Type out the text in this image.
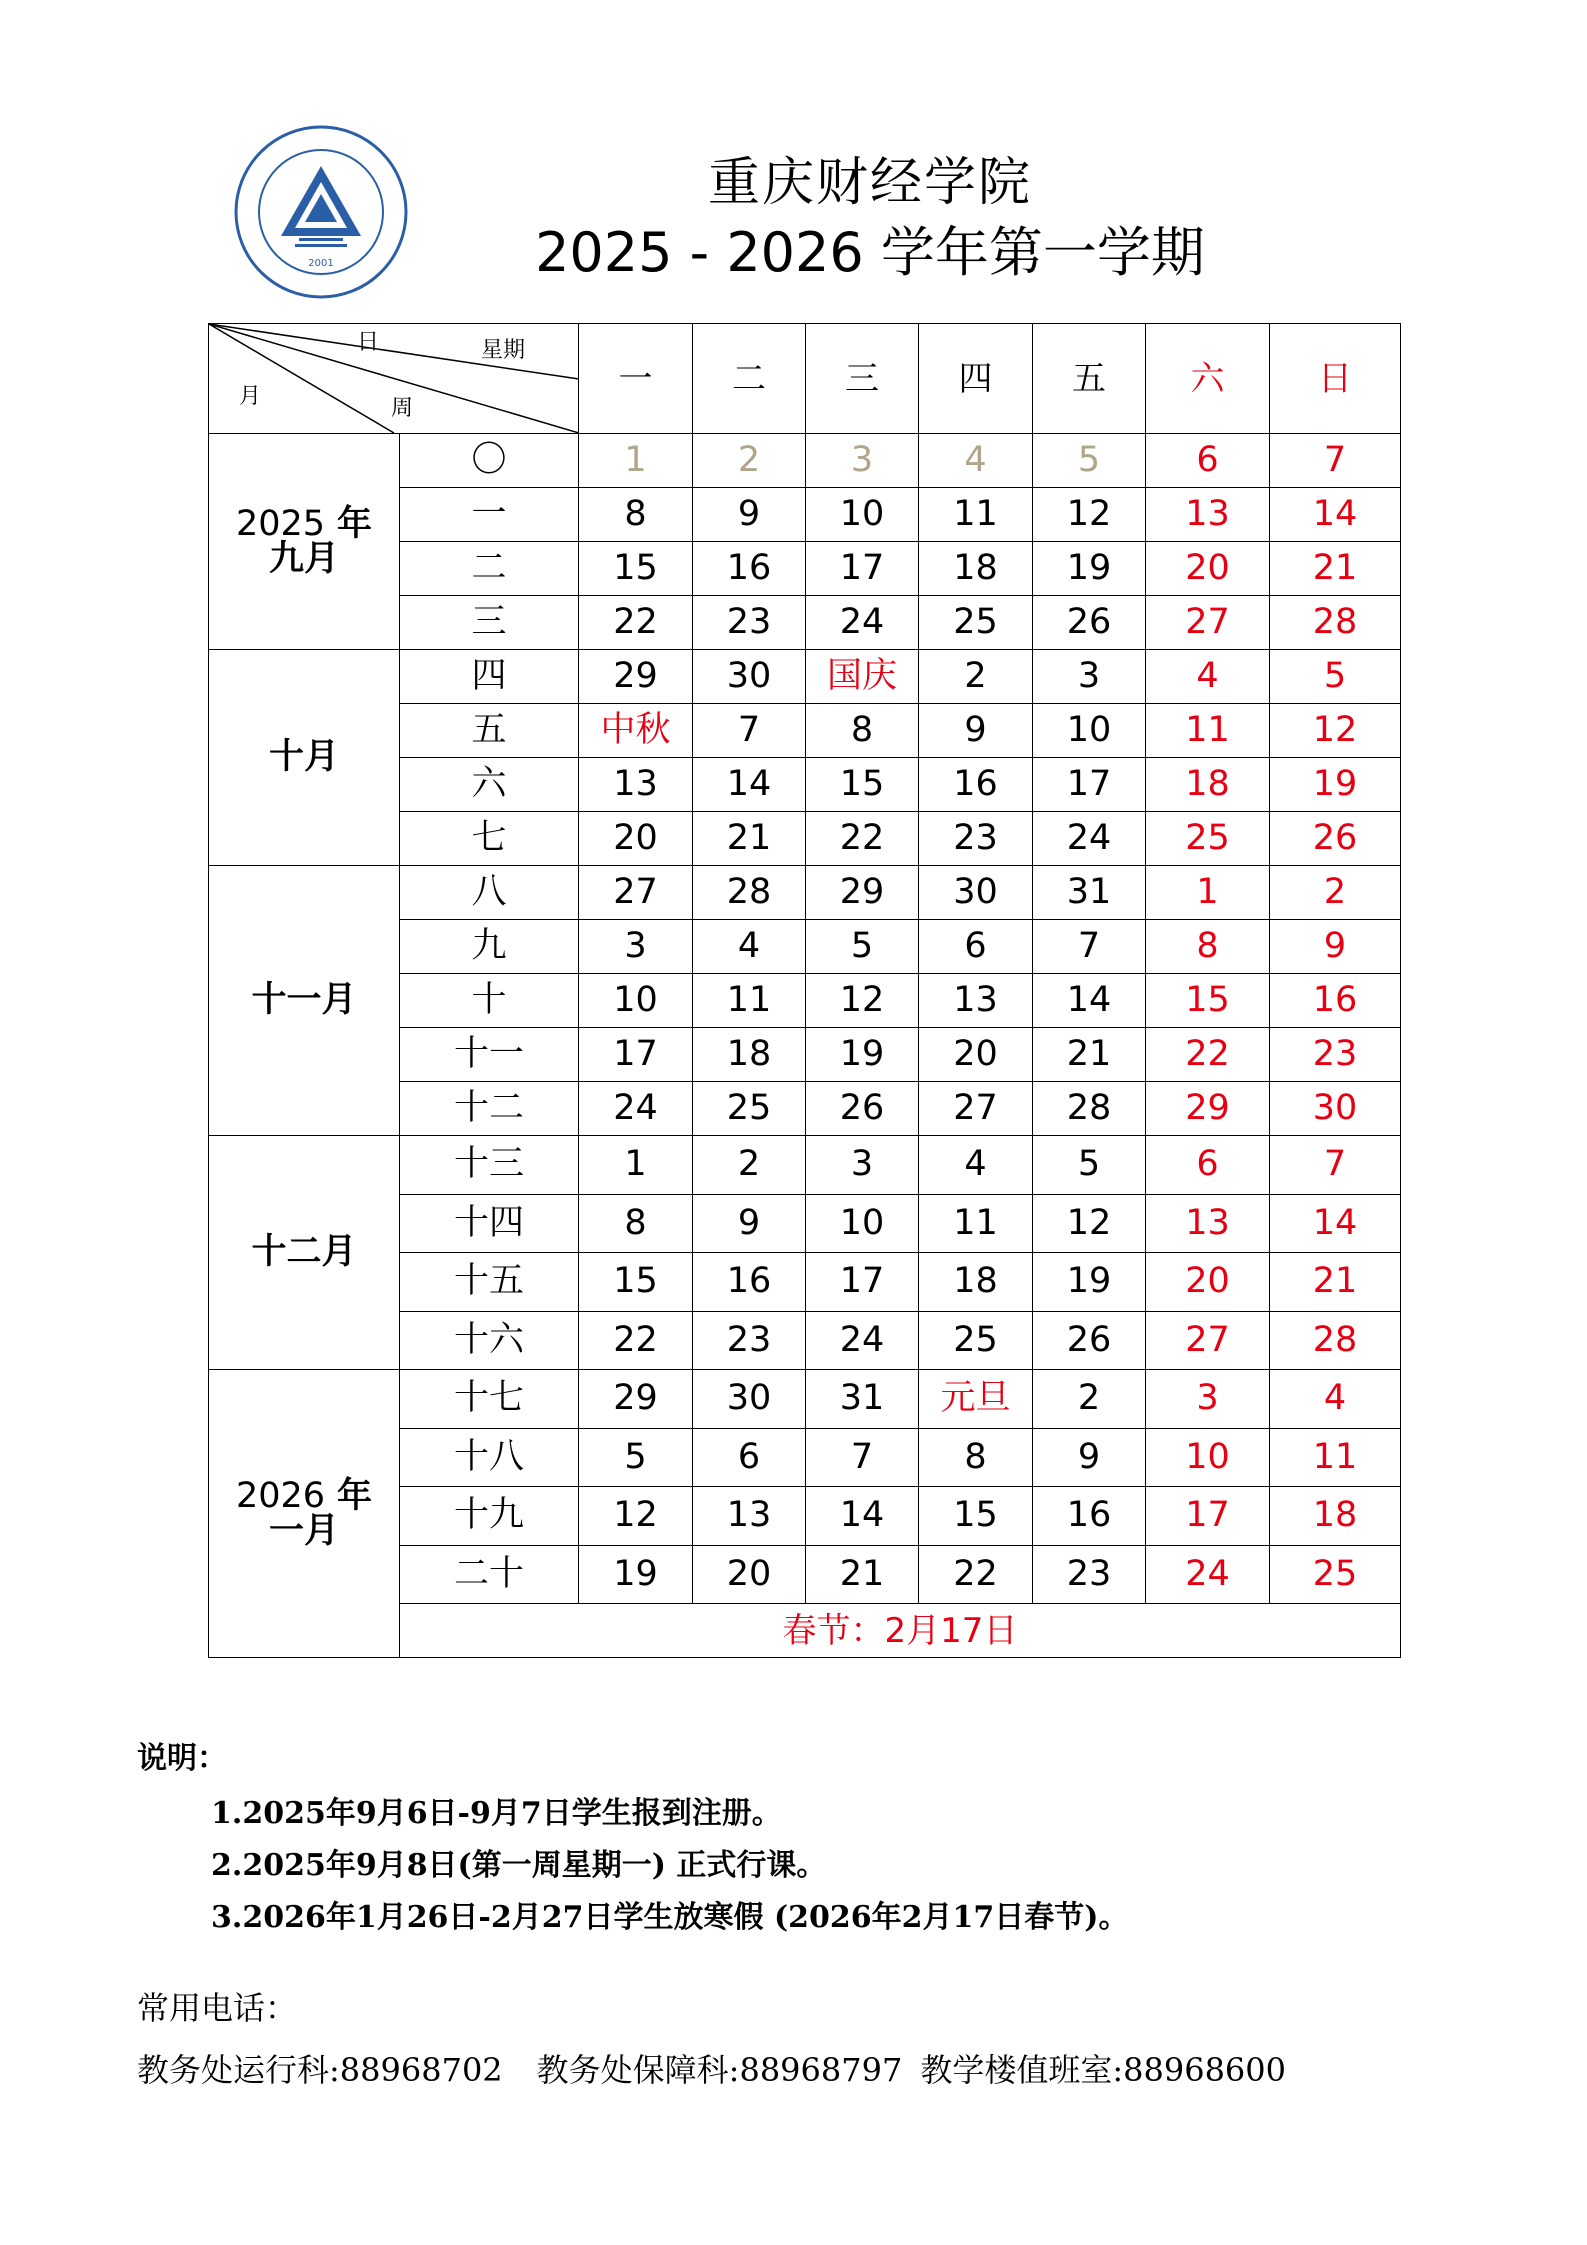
2001
重庆财经学院
2025 - 2026 学年第一学期
日 星期
月 周		一	二	三	四	五	六	日

2025 年
九月	〇	1	2	3	4	5	6	7
	一	8	9	10	11	12	13	14
	二	15	16	17	18	19	20	21
	三	22	23	24	25	26	27	28

十月	四	29	30	国庆	2	3	4	5
	五	中秋	7	8	9	10	11	12
	六	13	14	15	16	17	18	19
	七	20	21	22	23	24	25	26

十一月	八	27	28	29	30	31	1	2
	九	3	4	5	6	7	8	9
	十	10	11	12	13	14	15	16
	十一	17	18	19	20	21	22	23
	十二	24	25	26	27	28	29	30

十二月	十三	1	2	3	4	5	6	7
	十四	8	9	10	11	12	13	14
	十五	15	16	17	18	19	20	21
	十六	22	23	24	25	26	27	28

2026 年
一月	十七	29	30	31	元旦	2	3	4
	十八	5	6	7	8	9	10	11
	十九	12	13	14	15	16	17	18
	二十	19	20	21	22	23	24	25
	春节：2月17日							
说明：
1.2025年9月6日-9月7日学生报到注册。
2.2025年9月8日(第一周星期一) 正式行课。
3.2026年1月26日-2月27日学生放寒假 (2026年2月17日春节)。
常用电话：
教务处运行科:88968702 教务处保障科:88968797 教学楼值班室:88968600
